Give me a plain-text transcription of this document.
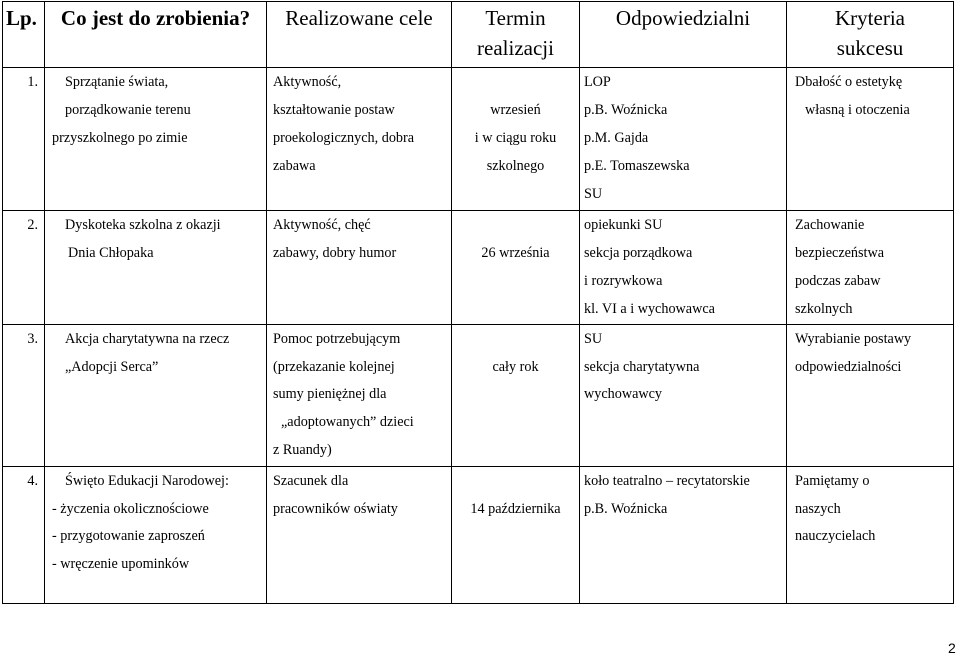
Lp.	Co jest do zrobienia?	Realizowane cele	Termin
realizacji	Odpowiedzialni	Kryteria
sukcesu

1.	Sprzątanie świata,
porządkowanie terenu
przyszkolnego po zimie	Aktywność,
kształtowanie postaw
proekologicznych, dobra
zabawa	wrzesień
i w ciągu roku
szkolnego	LOP
p.B. Woźnicka
p.M. Gajda
p.E. Tomaszewska
SU	Dbałość o estetykę
własną i otoczenia

2.	Dyskoteka szkolna z okazji
Dnia Chłopaka	Aktywność, chęć
zabawy, dobry humor	26 września	opiekunki SU
sekcja porządkowa
i rozrywkowa
kl. VI a i wychowawca	Zachowanie
bezpieczeństwa
podczas zabaw
szkolnych

3.	Akcja charytatywna na rzecz
„Adopcji Serca”	Pomoc potrzebującym
(przekazanie kolejnej
sumy pieniężnej dla
„adoptowanych” dzieci
z Ruandy)	cały rok	SU
sekcja charytatywna
wychowawcy	Wyrabianie postawy
odpowiedzialności

4.	Święto Edukacji Narodowej:
- życzenia okolicznościowe
- przygotowanie zaproszeń
- wręczenie upominków	Szacunek dla
pracowników oświaty	14 października	koło teatralno – recytatorskie
p.B. Woźnicka	Pamiętamy o
naszych
nauczycielach
2
